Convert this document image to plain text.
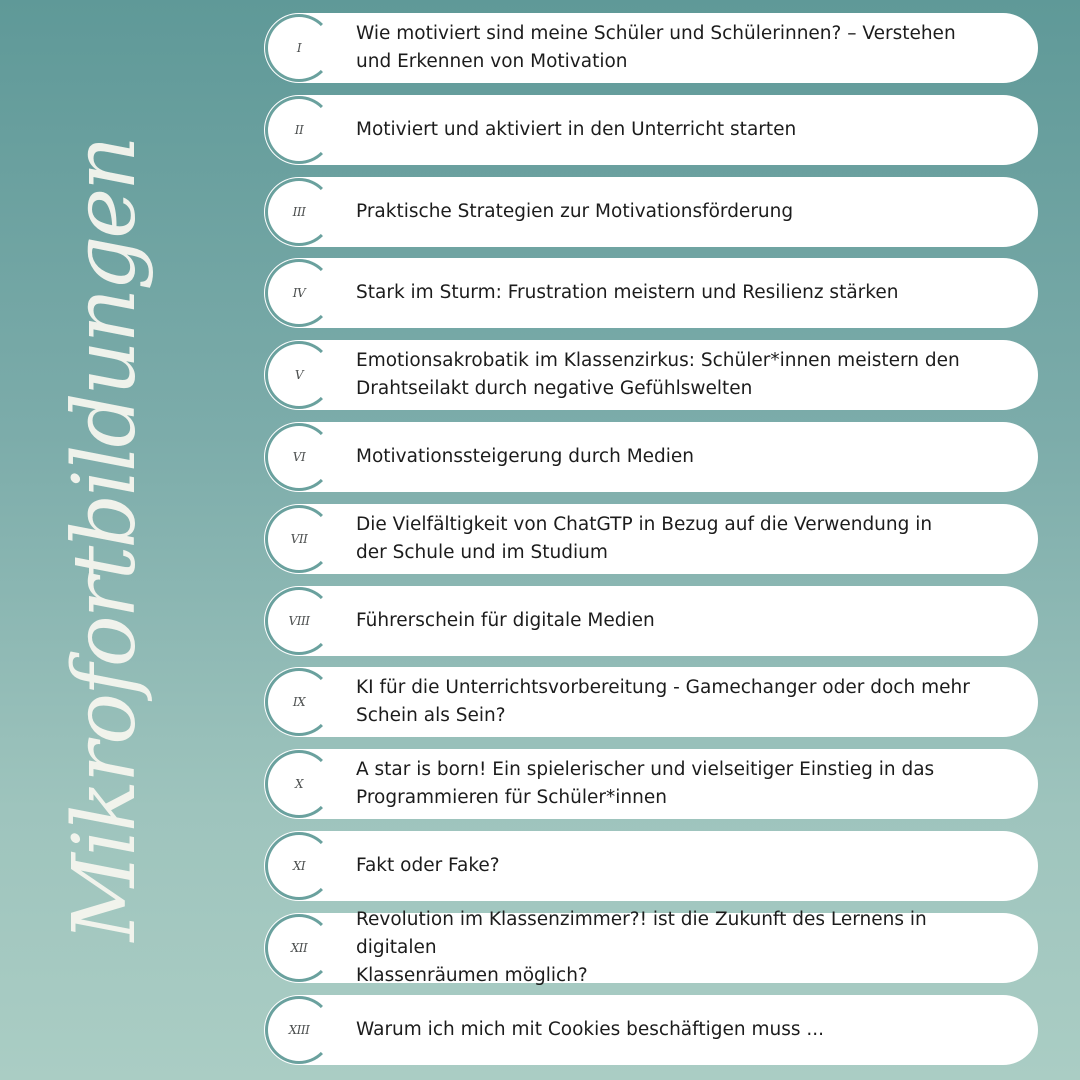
Mikrofortbildungen
I
Wie motiviert sind meine Schüler und Schülerinnen? – Verstehen
und Erkennen von Motivation
II	Motiviert und aktiviert in den Unterricht starten
III	Praktische Strategien zur Motivationsförderung
IV	Stark im Sturm: Frustration meistern und Resilienz stärken
V
Emotionsakrobatik im Klassenzirkus: Schüler*innen meistern den
Drahtseilakt durch negative Gefühlswelten
VI	Motivationssteigerung durch Medien
VII
Die Vielfältigkeit von ChatGTP in Bezug auf die Verwendung in
der Schule und im Studium
VIII	Führerschein für digitale Medien
IX
KI für die Unterrichtsvorbereitung - Gamechanger oder doch mehr
Schein als Sein?
X
A star is born! Ein spielerischer und vielseitiger Einstieg in das
Programmieren für Schüler*innen
XI	Fakt oder Fake?
XII
Revolution im Klassenzimmer?! ist die Zukunft des Lernens in digitalen
Klassenräumen möglich?
XIII	Warum ich mich mit Cookies beschäftigen muss ...
